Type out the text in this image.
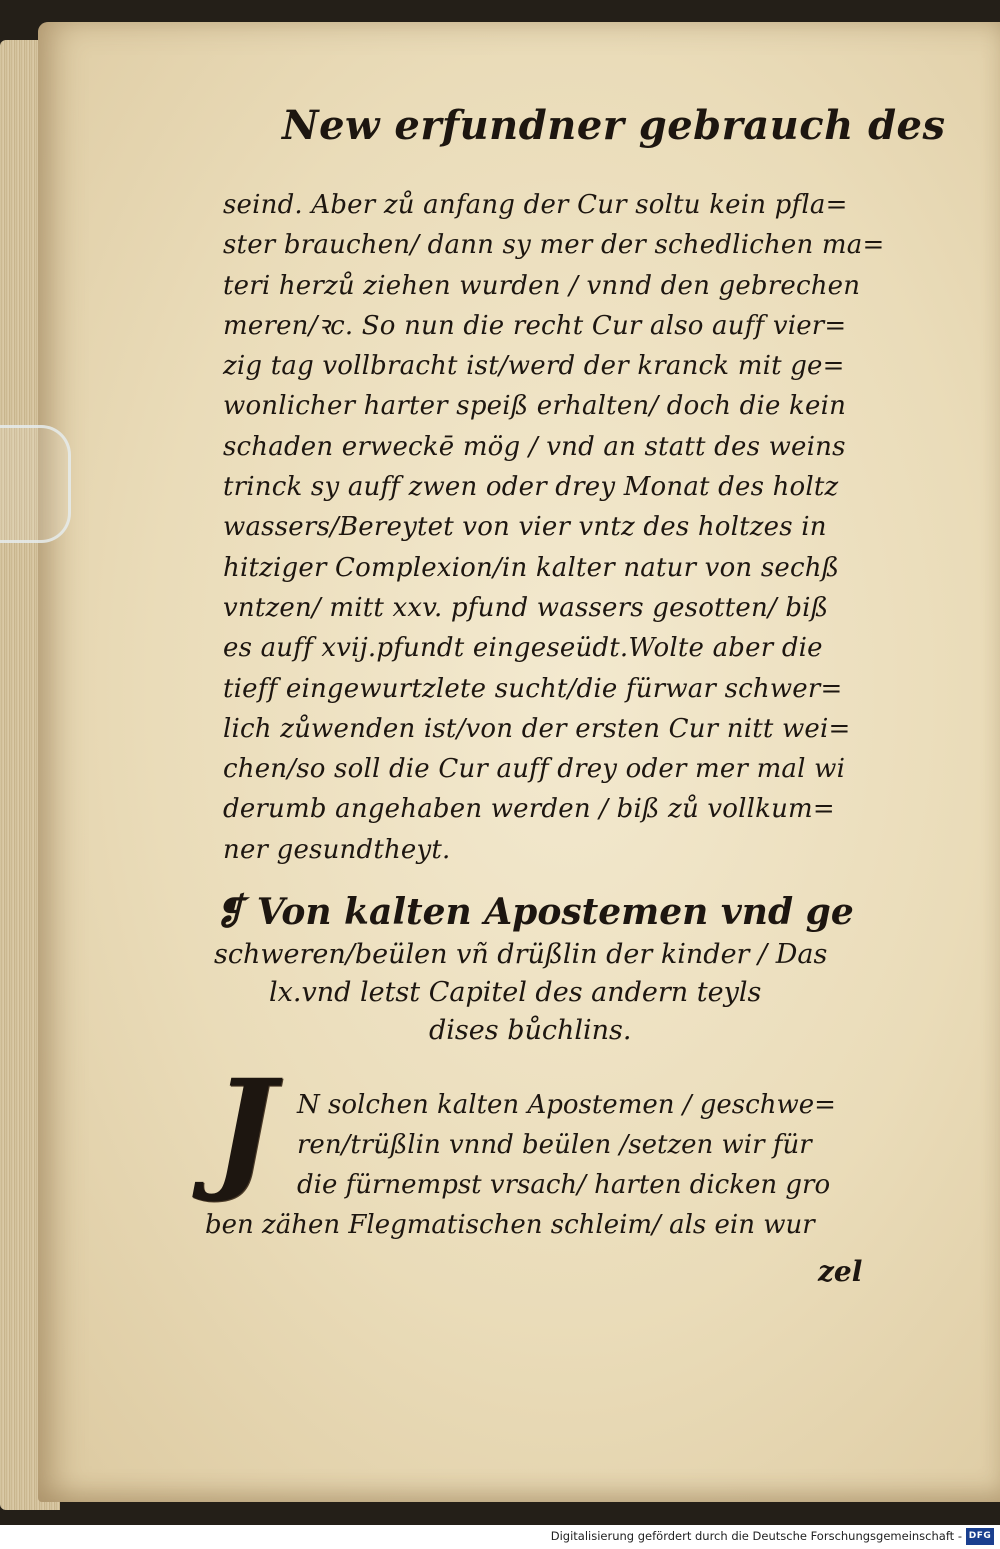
New erfundner gebrauch des
seind. Aber zů anfang der Cur soltu kein pfla=
ster brauchen/ dann sy mer der schedlichen ma=
teri herzů ziehen wurden / vnnd den gebrechen
meren/ꝛc. So nun die recht Cur also auff vier=
zig tag vollbracht ist/werd der kranck mit ge=
wonlicher harter speiß erhalten/ doch die kein
schaden erweckē mög / vnd an statt des weins
trinck sy auff zwen oder drey Monat des holtz
wassers/Bereytet von vier vntz des holtzes in
hitziger Complexion/in kalter natur von sechß
vntzen/ mitt xxv. pfund wassers gesotten/ biß
es auff xvij.pfundt eingeseüdt.Wolte aber die
tieff eingewurtzlete sucht/die fürwar schwer=
lich zůwenden ist/von der ersten Cur nitt wei=
chen/so soll die Cur auff drey oder mer mal wi
derumb angehaben werden / biß zů vollkum=
ner gesundtheyt.
❡ Von kalten Apostemen vnd ge
schweren/beülen vñ drüßlin der kinder / Das
lx.vnd letst Capitel des andern teyls
dises bůchlins.
J N solchen kalten Apostemen / geschwe=
ren/trüßlin vnnd beülen /setzen wir für
die fürnempst vrsach/ harten dicken gro
ben zähen Flegmatischen schleim/ als ein wur
zel
Digitalisierung gefördert durch die Deutsche Forschungsgemeinschaft - DFG
